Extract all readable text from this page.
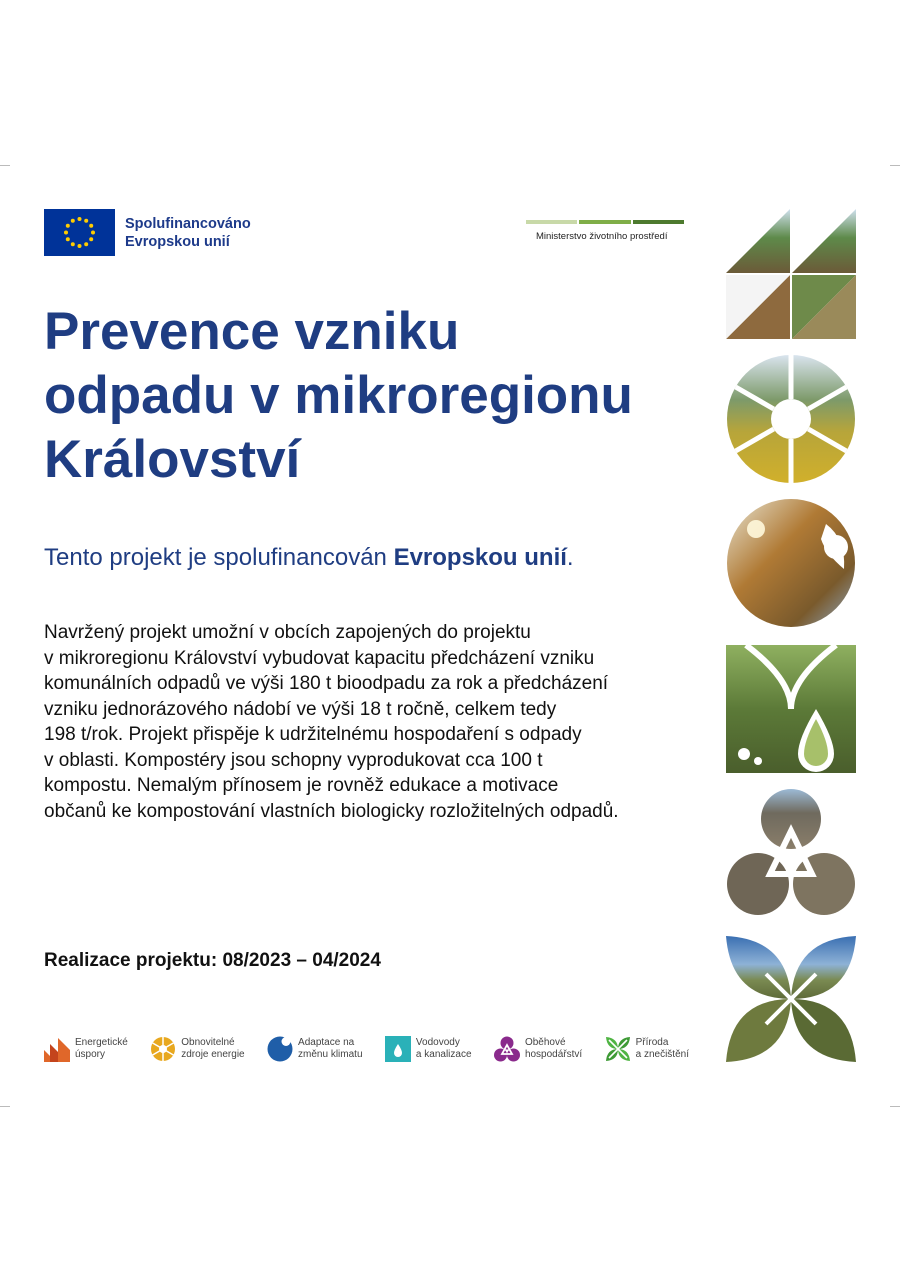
Spolufinancováno
Evropskou unií	Ministerstvo životního prostředí
Prevence vzniku
odpadu v mikroregionu
Království
Tento projekt je spolufinancován Evropskou unií.

Navržený projekt umožní v obcích zapojených do projektu

v mikroregionu Království vybudovat kapacitu předcházení vzniku

komunálních odpadů ve výši 180 t bioodpadu za rok a předcházení

vzniku jednorázového nádobí ve výši 18 t ročně, celkem tedy

198 t/rok. Projekt přispěje k udržitelnému hospodaření s odpady

v oblasti. Kompostéry jsou schopny vyprodukovat cca 100 t

kompostu. Nemalým přínosem je rovněž edukace a motivace

občanů ke kompostování vlastních biologicky rozložitelných odpadů.

Realizace projektu: 08/2023 – 04/2024
Energetické
úspory
Obnovitelné
zdroje energie
Adaptace na
změnu klimatu
Vodovody
a kanalizace
Oběhové
hospodářství
Příroda
a znečištění
